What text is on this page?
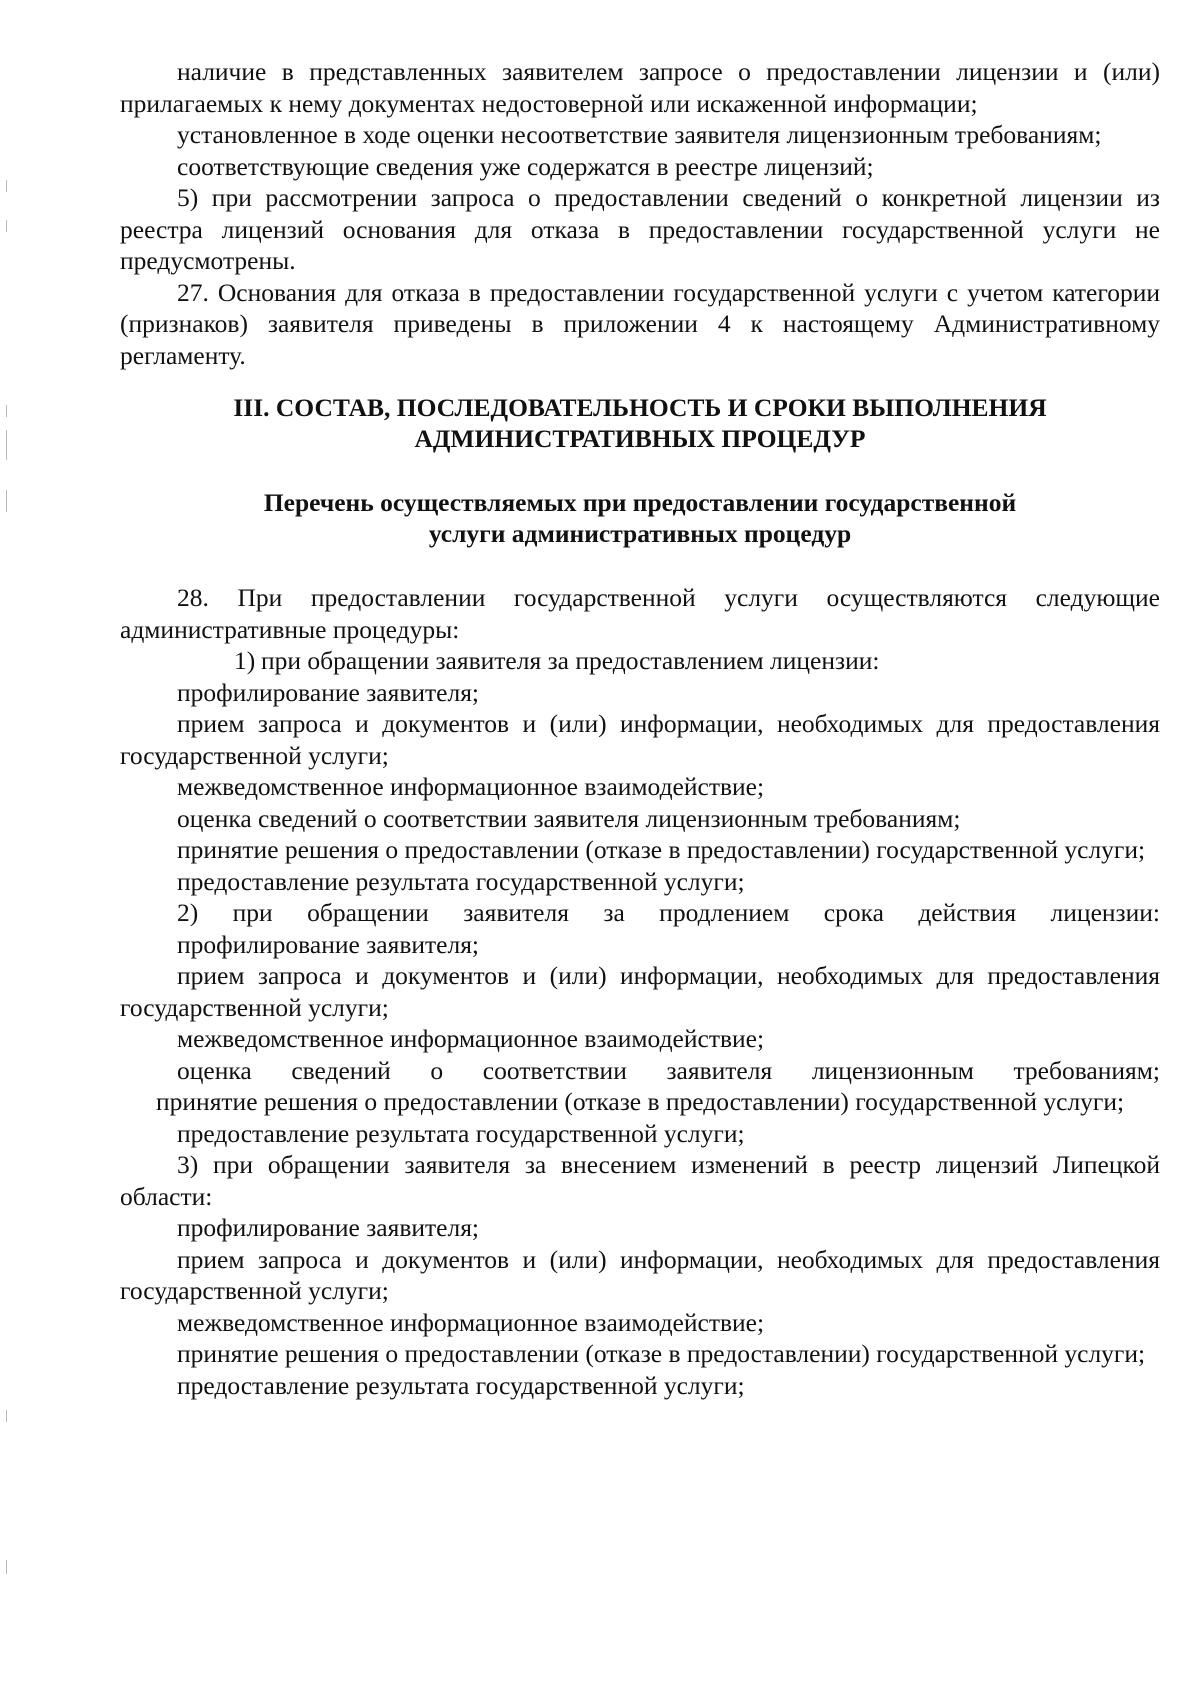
наличие в представленных заявителем запросе о предоставлении лицензии и (или) прилагаемых к нему документах недостоверной или искаженной информации;

установленное в ходе оценки несоответствие заявителя лицензионным требованиям;

соответствующие сведения уже содержатся в реестре лицензий;

5) при рассмотрении запроса о предоставлении сведений о конкретной лицензии из реестра лицензий основания для отказа в предоставлении государственной услуги не предусмотрены.

27. Основания для отказа в предоставлении государственной услуги с учетом категории (признаков) заявителя приведены в приложении 4 к настоящему Административному регламенту.

III. СОСТАВ, ПОСЛЕДОВАТЕЛЬНОСТЬ И СРОКИ ВЫПОЛНЕНИЯ
АДМИНИСТРАТИВНЫХ ПРОЦЕДУР
Перечень осуществляемых при предоставлении государственной
услуги административных процедур

28. При предоставлении государственной услуги осуществляются следующие административные процедуры:

1) при обращении заявителя за предоставлением лицензии:

профилирование заявителя;

прием запроса и документов и (или) информации, необходимых для предоставления государственной услуги;

межведомственное информационное взаимодействие;

оценка сведений о соответствии заявителя лицензионным требованиям;

принятие решения о предоставлении (отказе в предоставлении) государственной услуги;

предоставление результата государственной услуги;

2) при обращении заявителя за продлением срока действия лицензии:

профилирование заявителя;

прием запроса и документов и (или) информации, необходимых для предоставления государственной услуги;

межведомственное информационное взаимодействие;

оценка сведений о соответствии заявителя лицензионным требованиям;

принятие решения о предоставлении (отказе в предоставлении) государственной услуги;

предоставление результата государственной услуги;

3) при обращении заявителя за внесением изменений в реестр лицензий Липецкой области:

профилирование заявителя;

прием запроса и документов и (или) информации, необходимых для предоставления государственной услуги;

межведомственное информационное взаимодействие;

принятие решения о предоставлении (отказе в предоставлении) государственной услуги;

предоставление результата государственной услуги;
